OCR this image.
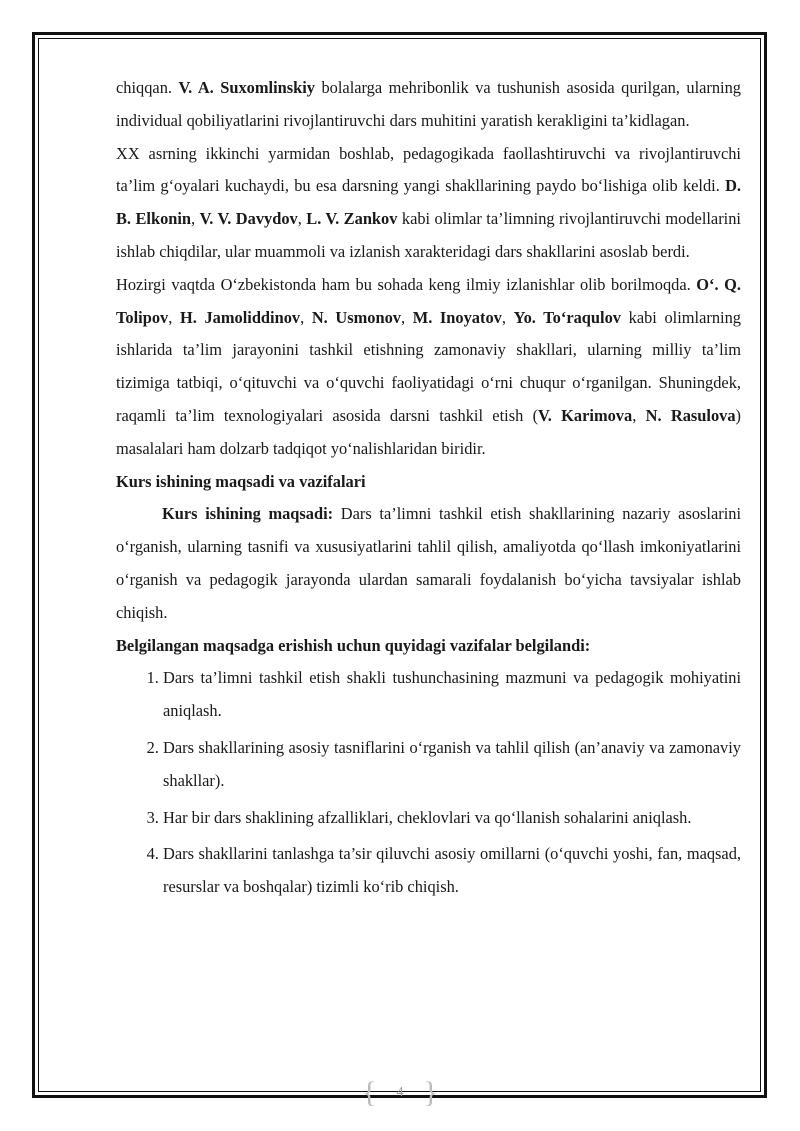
chiqqan. V. A. Suxomlinskiy bolalarga mehribonlik va tushunish asosida qurilgan, ularning individual qobiliyatlarini rivojlantiruvchi dars muhitini yaratish kerakligini ta’kidlagan.

XX asrning ikkinchi yarmidan boshlab, pedagogikada faollashtiruvchi va rivojlantiruvchi ta’lim g‘oyalari kuchaydi, bu esa darsning yangi shakllarining paydo bo‘lishiga olib keldi. D. B. Elkonin, V. V. Davydov, L. V. Zankov kabi olimlar ta’limning rivojlantiruvchi modellarini ishlab chiqdilar, ular muammoli va izlanish xarakteridagi dars shakllarini asoslab berdi.

Hozirgi vaqtda O‘zbekistonda ham bu sohada keng ilmiy izlanishlar olib borilmoqda. O‘. Q. Tolipov, H. Jamoliddinov, N. Usmonov, M. Inoyatov, Yo. To‘raqulov kabi olimlarning ishlarida ta’lim jarayonini tashkil etishning zamonaviy shakllari, ularning milliy ta’lim tizimiga tatbiqi, o‘qituvchi va o‘quvchi faoliyatidagi o‘rni chuqur o‘rganilgan. Shuningdek, raqamli ta’lim texnologiyalari asosida darsni tashkil etish (V. Karimova, N. Rasulova) masalalari ham dolzarb tadqiqot yo‘nalishlaridan biridir.

Kurs ishining maqsadi va vazifalari

Kurs ishining maqsadi: Dars ta’limni tashkil etish shakllarining nazariy asoslarini o‘rganish, ularning tasnifi va xususiyatlarini tahlil qilish, amaliyotda qo‘llash imkoniyatlarini o‘rganish va pedagogik jarayonda ulardan samarali foydalanish bo‘yicha tavsiyalar ishlab chiqish.

Belgilangan maqsadga erishish uchun quyidagi vazifalar belgilandi:

1. Dars ta’limni tashkil etish shakli tushunchasining mazmuni va pedagogik mohiyatini aniqlash.
2. Dars shakllarining asosiy tasniflarini o‘rganish va tahlil qilish (an’anaviy va zamonaviy shakllar).
3. Har bir dars shaklining afzalliklari, cheklovlari va qo‘llanish sohalarini aniqlash.
4. Dars shakllarini tanlashga ta’sir qiluvchi asosiy omillarni (o‘quvchi yoshi, fan, maqsad, resurslar va boshqalar) tizimli ko‘rib chiqish.
{ 4 }
